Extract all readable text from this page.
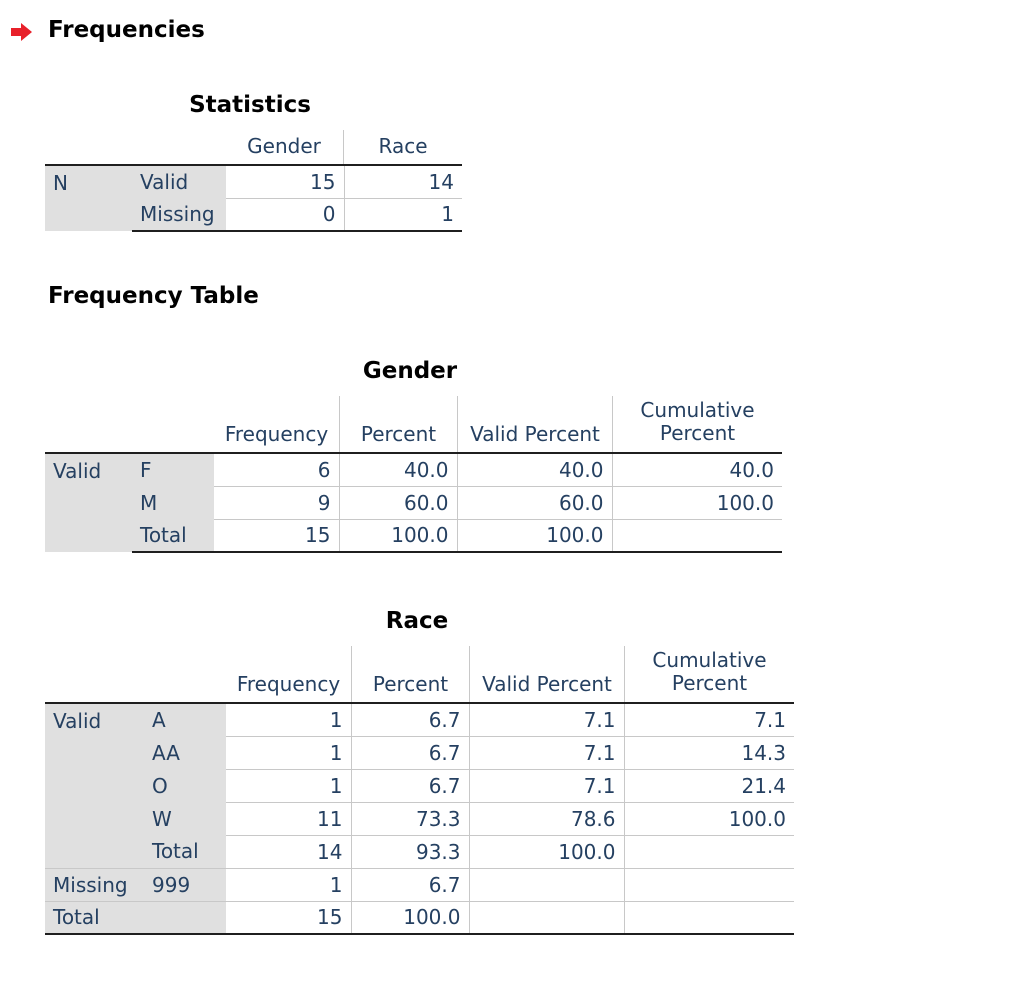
Frequencies
Statistics
Gender	Race
N	Valid	15	14
	Missing	0	1
Frequency Table
Gender
Frequency	Percent	Valid Percent
Cumulative
Percent
Valid	F	6	40.0	40.0	40.0
	M	9	60.0	60.0	100.0
	Total	15	100.0	100.0	
Race
Frequency	Percent	Valid Percent
Cumulative
Percent
Valid	A	1	6.7	7.1	7.1
	AA	1	6.7	7.1	14.3
	O	1	6.7	7.1	21.4
	W	11	73.3	78.6	100.0
	Total	14	93.3	100.0	
Missing	999	1	6.7		
Total		15	100.0		
